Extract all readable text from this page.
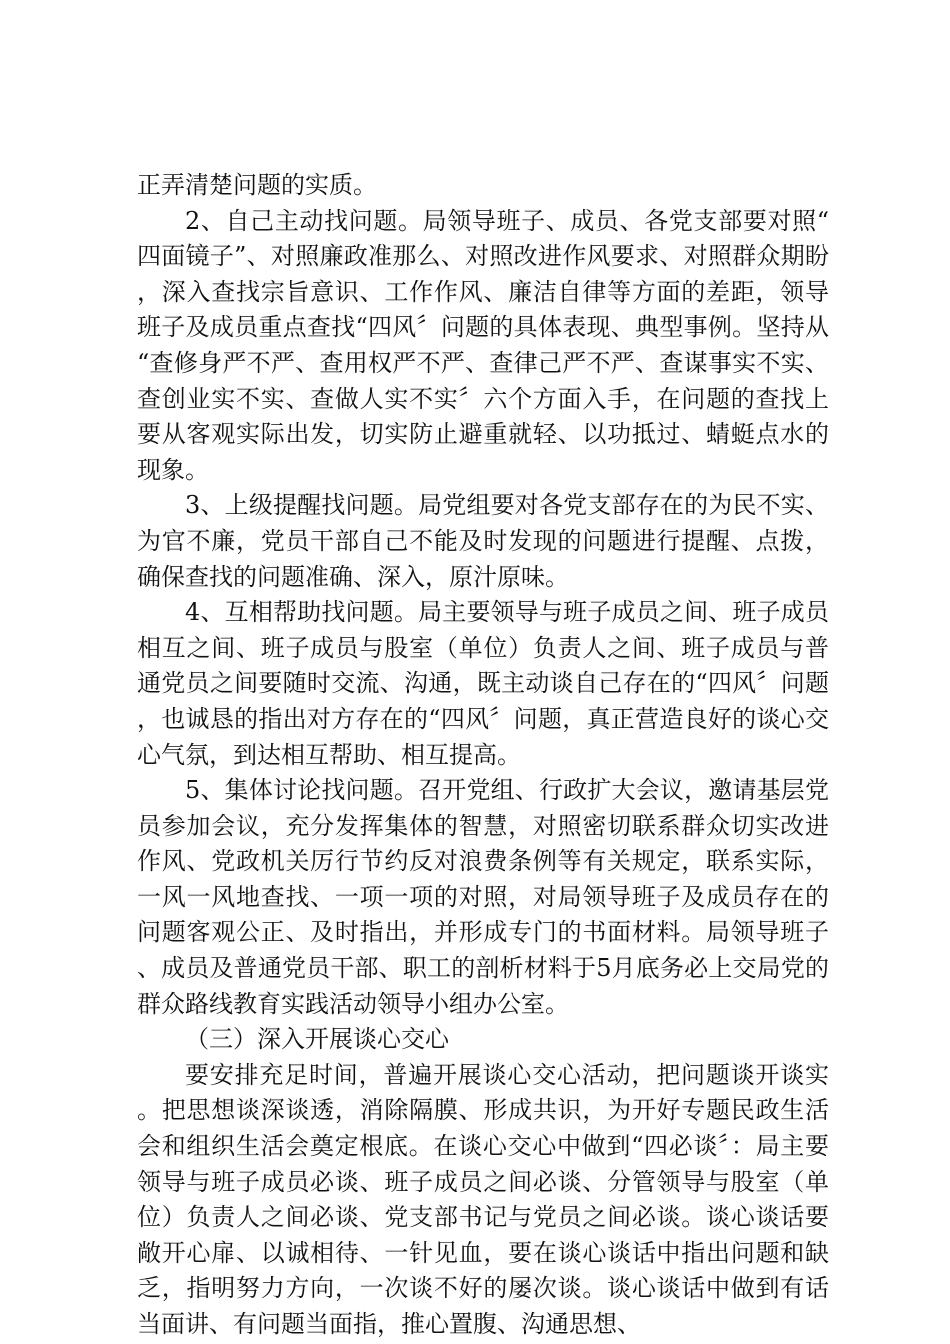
正弄清楚问题的实质。

2、自己主动找问题。局领导班子、成员、各党支部要对照“四面镜子”、对照廉政准那么、对照改进作风要求、对照群众期盼，深入查找宗旨意识、工作作风、廉洁自律等方面的差距，领导班子及成员重点查找“四风〞问题的具体表现、典型事例。坚持从“查修身严不严、查用权严不严、查律己严不严、查谋事实不实、查创业实不实、查做人实不实〞六个方面入手，在问题的查找上要从客观实际出发，切实防止避重就轻、以功抵过、蜻蜓点水的现象。

3、上级提醒找问题。局党组要对各党支部存在的为民不实、为官不廉，党员干部自己不能及时发现的问题进行提醒、点拨，确保查找的问题准确、深入，原汁原味。

4、互相帮助找问题。局主要领导与班子成员之间、班子成员相互之间、班子成员与股室（单位）负责人之间、班子成员与普通党员之间要随时交流、沟通，既主动谈自己存在的“四风〞问题，也诚恳的指出对方存在的“四风〞问题，真正营造良好的谈心交心气氛，到达相互帮助、相互提高。

5、集体讨论找问题。召开党组、行政扩大会议，邀请基层党员参加会议，充分发挥集体的智慧，对照密切联系群众切实改进作风、党政机关厉行节约反对浪费条例等有关规定，联系实际，一风一风地查找、一项一项的对照，对局领导班子及成员存在的问题客观公正、及时指出，并形成专门的书面材料。局领导班子、成员及普通党员干部、职工的剖析材料于5月底务必上交局党的群众路线教育实践活动领导小组办公室。

（三）深入开展谈心交心

要安排充足时间，普遍开展谈心交心活动，把问题谈开谈实。把思想谈深谈透，消除隔膜、形成共识，为开好专题民政生活会和组织生活会奠定根底。在谈心交心中做到“四必谈〞：局主要领导与班子成员必谈、班子成员之间必谈、分管领导与股室（单位）负责人之间必谈、党支部书记与党员之间必谈。谈心谈话要敞开心扉、以诚相待、一针见血，要在谈心谈话中指出问题和缺乏，指明努力方向，一次谈不好的屡次谈。谈心谈话中做到有话当面讲、有问题当面指，推心置腹、沟通思想、
